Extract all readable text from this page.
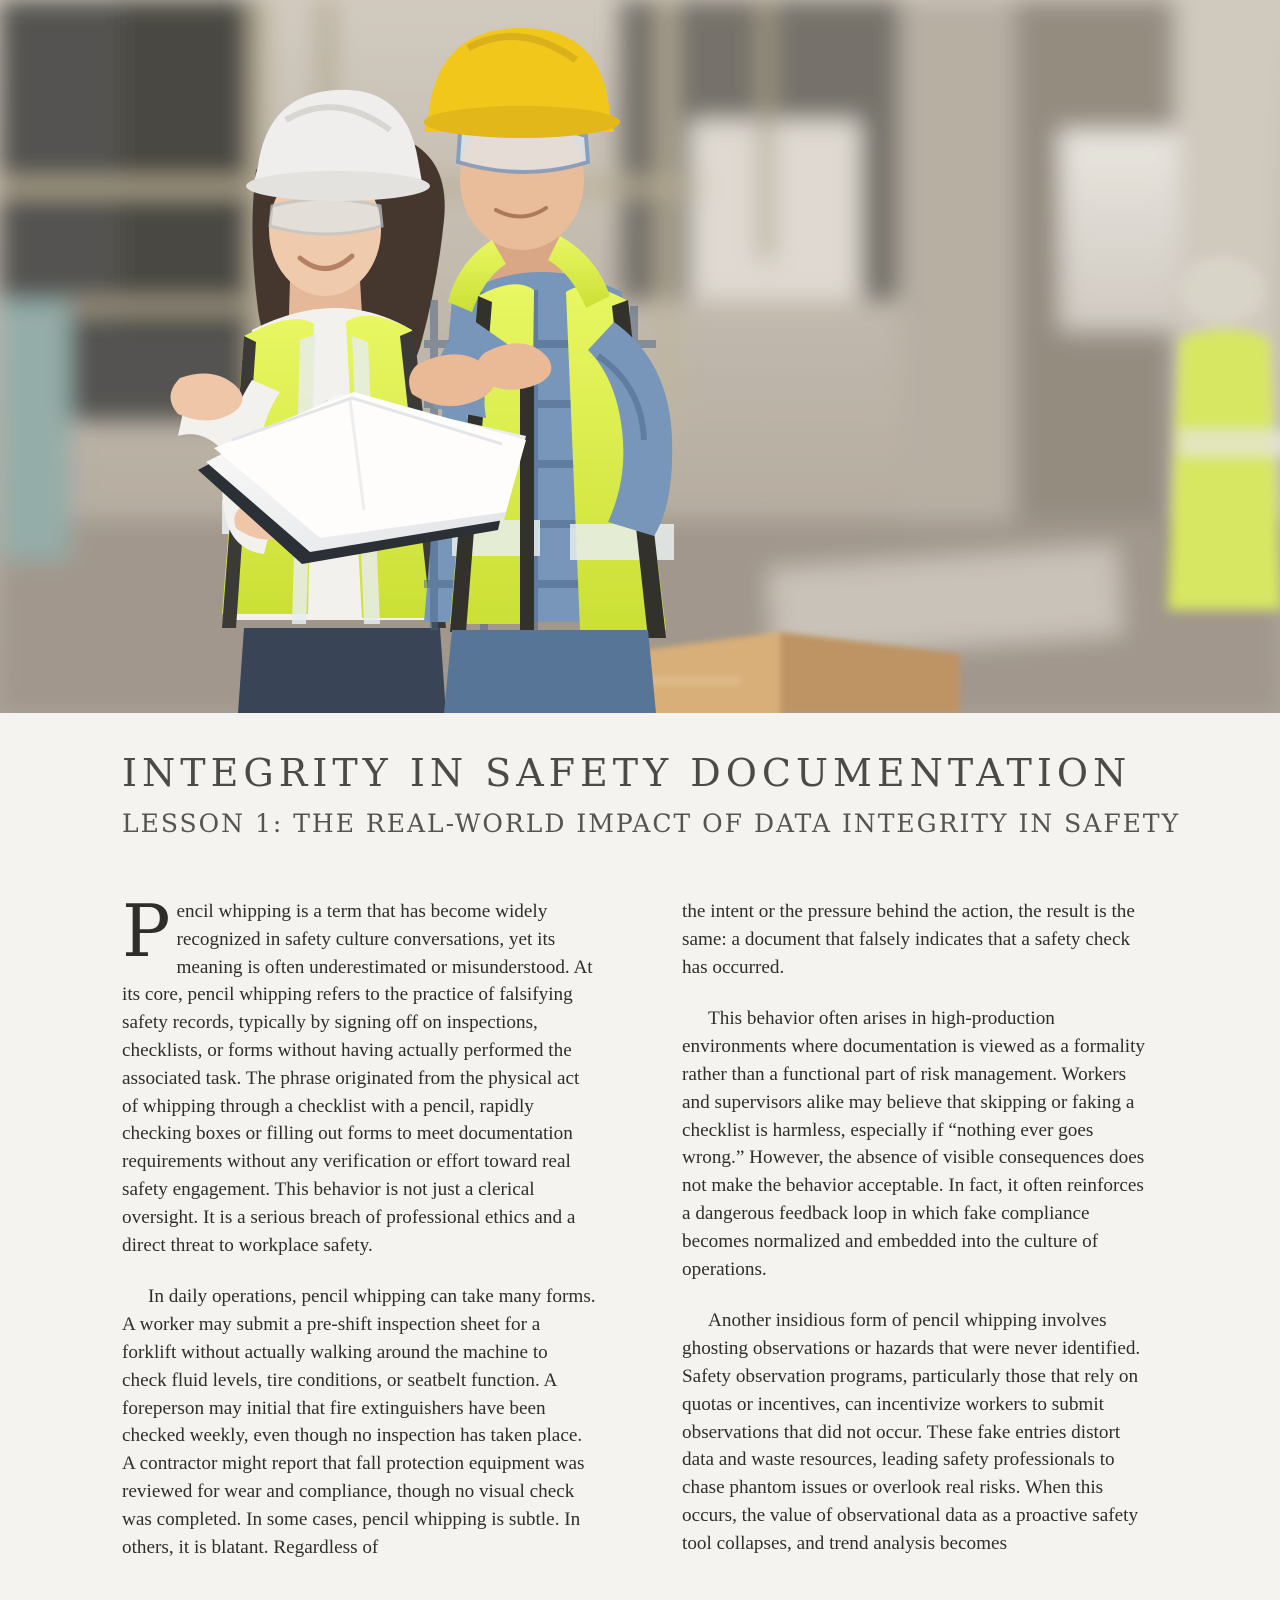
INTEGRITY IN SAFETY DOCUMENTATION
LESSON 1: THE REAL-WORLD IMPACT OF DATA INTEGRITY IN SAFETY

Pencil whipping is a term that has become widely recognized in safety culture conversations, yet its meaning is often underestimated or misunderstood. At its core, pencil whipping refers to the practice of falsifying safety records, typically by signing off on inspections, checklists, or forms without having actually performed the associated task. The phrase originated from the physical act of whipping through a checklist with a pencil, rapidly checking boxes or filling out forms to meet documentation requirements without any verification or effort toward real safety engagement. This behavior is not just a clerical oversight. It is a serious breach of professional ethics and a direct threat to workplace safety.

In daily operations, pencil whipping can take many forms. A worker may submit a pre-shift inspection sheet for a forklift without actually walking around the machine to check fluid levels, tire conditions, or seatbelt function. A foreperson may initial that fire extinguishers have been checked weekly, even though no inspection has taken place. A contractor might report that fall protection equipment was reviewed for wear and compliance, though no visual check was completed. In some cases, pencil whipping is subtle. In others, it is blatant. Regardless of

the intent or the pressure behind the action, the result is the same: a document that falsely indicates that a safety check has occurred.

This behavior often arises in high-production environments where documentation is viewed as a formality rather than a functional part of risk management. Workers and supervisors alike may believe that skipping or faking a checklist is harmless, especially if “nothing ever goes wrong.” However, the absence of visible consequences does not make the behavior acceptable. In fact, it often reinforces a dangerous feedback loop in which fake compliance becomes normalized and embedded into the culture of operations.

Another insidious form of pencil whipping involves ghosting observations or hazards that were never identified. Safety observation programs, particularly those that rely on quotas or incentives, can incentivize workers to submit observations that did not occur. These fake entries distort data and waste resources, leading safety professionals to chase phantom issues or overlook real risks. When this occurs, the value of observational data as a proactive safety tool collapses, and trend analysis becomes
